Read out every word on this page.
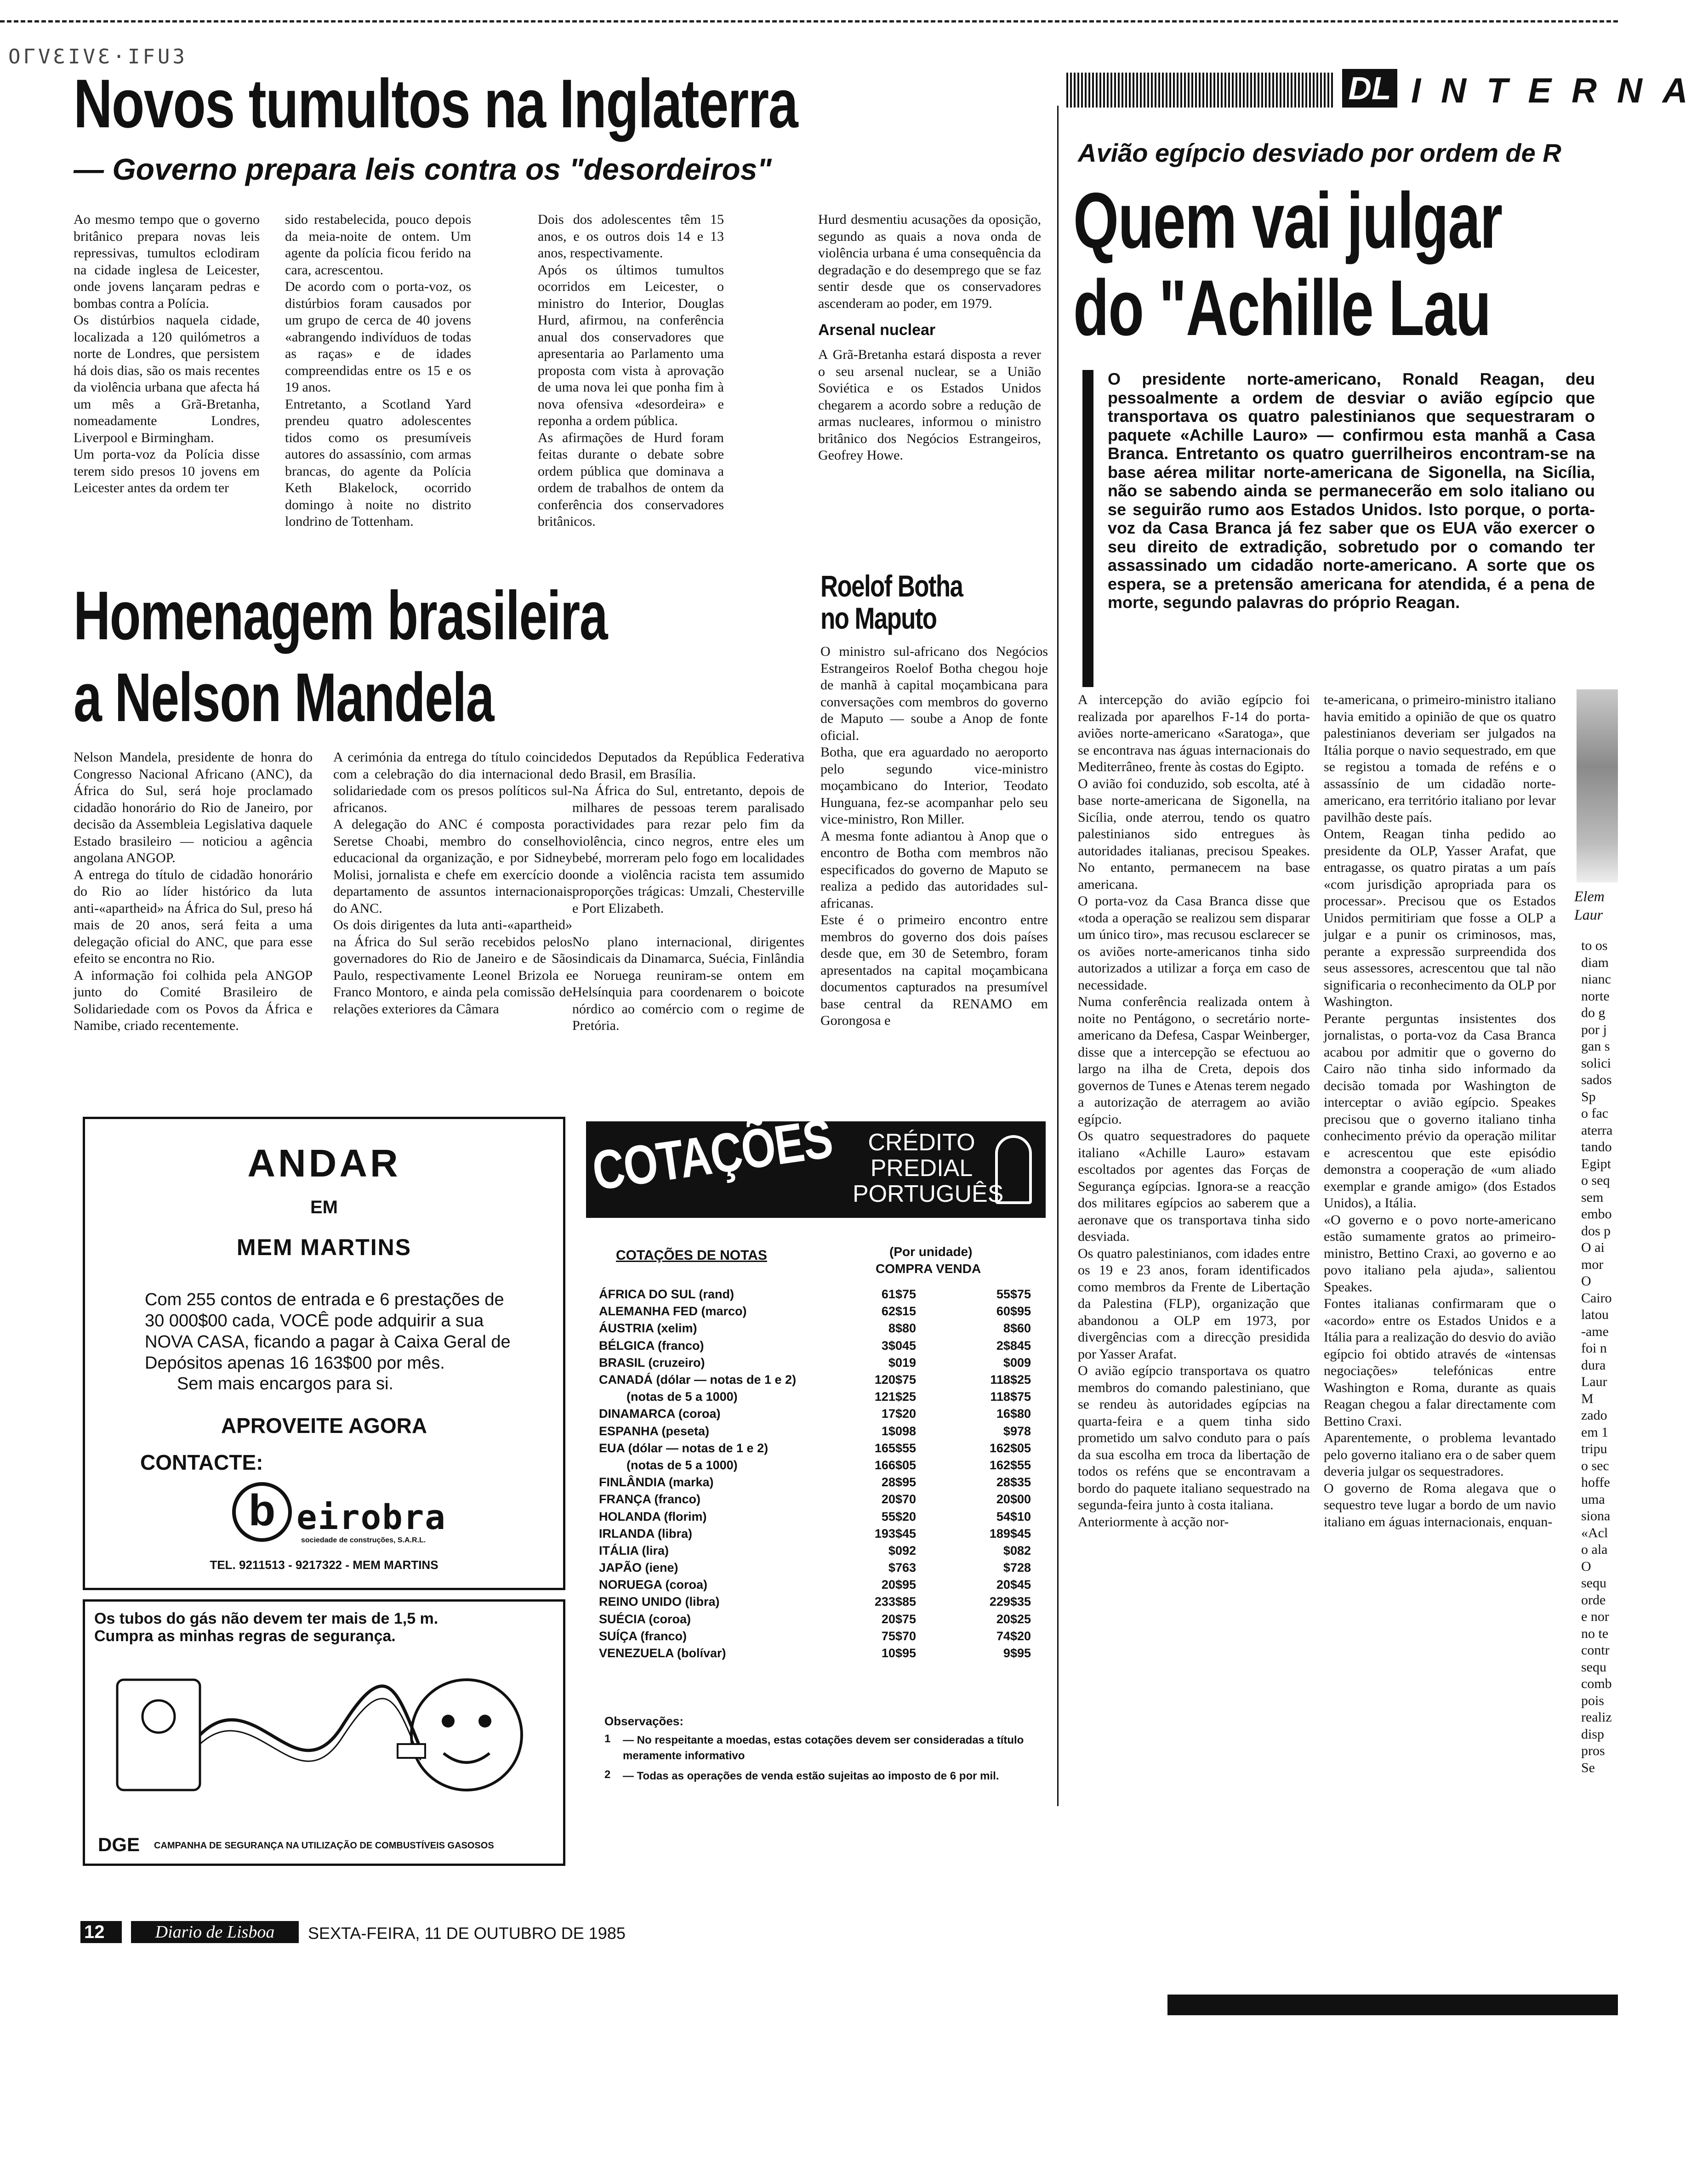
ОГVƐIVƐ·ІFU3
Novos tumultos na Inglaterra
— Governo prepara leis contra os "desordeiros"
Ao mesmo tempo que o governo britânico prepara novas leis repressivas, tumultos eclodiram na cidade inglesa de Leicester, onde jovens lançaram pedras e bombas contra a Polícia.
Os distúrbios naquela cidade, localizada a 120 quilómetros a norte de Londres, que persistem há dois dias, são os mais recentes da violência urbana que afecta há um mês a Grã-Bretanha, nomeadamente Londres, Liverpool e Birmingham.
Um porta-voz da Polícia disse terem sido presos 10 jovens em Leicester antes da ordem ter
sido restabelecida, pouco depois da meia-noite de ontem. Um agente da polícia ficou ferido na cara, acrescentou.
De acordo com o porta-voz, os distúrbios foram causados por um grupo de cerca de 40 jovens «abrangendo indivíduos de todas as raças» e de idades compreendidas entre os 15 e os 19 anos.
Entretanto, a Scotland Yard prendeu quatro adolescentes tidos como os presumíveis autores do assassínio, com armas brancas, do agente da Polícia Keth Blakelock, ocorrido domingo à noite no distrito londrino de Tottenham.
Dois dos adolescentes têm 15 anos, e os outros dois 14 e 13 anos, respectivamente.
Após os últimos tumultos ocorridos em Leicester, o ministro do Interior, Douglas Hurd, afirmou, na conferência anual dos conservadores que apresentaria ao Parlamento uma proposta com vista à aprovação de uma nova lei que ponha fim à nova ofensiva «desordeira» e reponha a ordem pública.
As afirmações de Hurd foram feitas durante o debate sobre ordem pública que dominava a ordem de trabalhos de ontem da conferência dos conservadores britânicos.
Hurd desmentiu acusações da oposição, segundo as quais a nova onda de violência urbana é uma consequência da degradação e do desemprego que se faz sentir desde que os conservadores ascenderam ao poder, em 1979.
Arsenal nuclear
A Grã-Bretanha estará disposta a rever o seu arsenal nuclear, se a União Soviética e os Estados Unidos chegarem a acordo sobre a redução de armas nucleares, informou o ministro britânico dos Negócios Estrangeiros, Geofrey Howe.
Homenagem brasileira
a Nelson Mandela
Nelson Mandela, presidente de honra do Congresso Nacional Africano (ANC), da África do Sul, será hoje proclamado cidadão honorário do Rio de Janeiro, por decisão da Assembleia Legislativa daquele Estado brasileiro — noticiou a agência angolana ANGOP.
A entrega do título de cidadão honorário do Rio ao líder histórico da luta anti-«apartheid» na África do Sul, preso há mais de 20 anos, será feita a uma delegação oficial do ANC, que para esse efeito se encontra no Rio.
A informação foi colhida pela ANGOP junto do Comité Brasileiro de Solidariedade com os Povos da África e Namibe, criado recentemente.
A cerimónia da entrega do título coincide com a celebração do dia internacional de solidariedade com os presos políticos sul-africanos.
A delegação do ANC é composta por Seretse Choabi, membro do conselho educacional da organização, e por Sidney Molisi, jornalista e chefe em exercício do departamento de assuntos internacionais do ANC.
Os dois dirigentes da luta anti-«apartheid» na África do Sul serão recebidos pelos governadores do Rio de Janeiro e de São Paulo, respectivamente Leonel Brizola e Franco Montoro, e ainda pela comissão de relações exteriores da Câmara
dos Deputados da República Federativa do Brasil, em Brasília.
Na África do Sul, entretanto, depois de milhares de pessoas terem paralisado actividades para rezar pelo fim da violência, cinco negros, entre eles um bebé, morreram pelo fogo em localidades onde a violência racista tem assumido proporções trágicas: Umzali, Chesterville e Port Elizabeth.

No plano internacional, dirigentes sindicais da Dinamarca, Suécia, Finlândia e Noruega reuniram-se ontem em Helsínquia para coordenarem o boicote nórdico ao comércio com o regime de Pretória.
Roelof Botha
no Maputo
O ministro sul-africano dos Negócios Estrangeiros Roelof Botha chegou hoje de manhã à capital moçambicana para conversações com membros do governo de Maputo — soube a Anop de fonte oficial.
Botha, que era aguardado no aeroporto pelo segundo vice-ministro moçambicano do Interior, Teodato Hunguana, fez-se acompanhar pelo seu vice-ministro, Ron Miller.
A mesma fonte adiantou à Anop que o encontro de Botha com membros não especificados do governo de Maputo se realiza a pedido das autoridades sul-africanas.
Este é o primeiro encontro entre membros do governo dos dois países desde que, em 30 de Setembro, foram apresentados na capital moçambicana documentos capturados na presumível base central da RENAMO em Gorongosa e
DL INTERNA
Avião egípcio desviado por ordem de R
Quem vai julgar
do "Achille Lau
O presidente norte-americano, Ronald Reagan, deu pessoalmente a ordem de desviar o avião egípcio que transportava os quatro palestinianos que sequestraram o paquete «Achille Lauro» — confirmou esta manhã a Casa Branca. Entretanto os quatro guerrilheiros encontram-se na base aérea militar norte-americana de Sigonella, na Sicília, não se sabendo ainda se permanecerão em solo italiano ou se seguirão rumo aos Estados Unidos. Isto porque, o porta-voz da Casa Branca já fez saber que os EUA vão exercer o seu direito de extradição, sobretudo por o comando ter assassinado um cidadão norte-americano. A sorte que os espera, se a pretensão americana for atendida, é a pena de morte, segundo palavras do próprio Reagan.
A intercepção do avião egípcio foi realizada por aparelhos F-14 do porta-aviões norte-americano «Saratoga», que se encontrava nas águas internacionais do Mediterrâneo, frente às costas do Egipto.
O avião foi conduzido, sob escolta, até à base norte-americana de Sigonella, na Sicília, onde aterrou, tendo os quatro palestinianos sido entregues às autoridades italianas, precisou Speakes. No entanto, permanecem na base americana.
O porta-voz da Casa Branca disse que «toda a operação se realizou sem disparar um único tiro», mas recusou esclarecer se os aviões norte-americanos tinha sido autorizados a utilizar a força em caso de necessidade.
Numa conferência realizada ontem à noite no Pentágono, o secretário norte-americano da Defesa, Caspar Weinberger, disse que a intercepção se efectuou ao largo na ilha de Creta, depois dos governos de Tunes e Atenas terem negado a autorização de aterragem ao avião egípcio.
Os quatro sequestradores do paquete italiano «Achille Lauro» estavam escoltados por agentes das Forças de Segurança egípcias. Ignora-se a reacção dos militares egípcios ao saberem que a aeronave que os transportava tinha sido desviada.
Os quatro palestinianos, com idades entre os 19 e 23 anos, foram identificados como membros da Frente de Libertação da Palestina (FLP), organização que abandonou a OLP em 1973, por divergências com a direcção presidida por Yasser Arafat.
O avião egípcio transportava os quatro membros do comando palestiniano, que se rendeu às autoridades egípcias na quarta-feira e a quem tinha sido prometido um salvo conduto para o país da sua escolha em troca da libertação de todos os reféns que se encontravam a bordo do paquete italiano sequestrado na segunda-feira junto à costa italiana.
Anteriormente à acção nor-
te-americana, o primeiro-ministro italiano havia emitido a opinião de que os quatro palestinianos deveriam ser julgados na Itália porque o navio sequestrado, em que se registou a tomada de reféns e o assassínio de um cidadão norte-americano, era território italiano por levar pavilhão deste país.
Ontem, Reagan tinha pedido ao presidente da OLP, Yasser Arafat, que entragasse, os quatro piratas a um país «com jurisdição apropriada para os processar». Precisou que os Estados Unidos permitiriam que fosse a OLP a julgar e a punir os criminosos, mas, perante a expressão surpreendida dos seus assessores, acrescentou que tal não significaria o reconhecimento da OLP por Washington.
Perante perguntas insistentes dos jornalistas, o porta-voz da Casa Branca acabou por admitir que o governo do Cairo não tinha sido informado da decisão tomada por Washington de interceptar o avião egípcio. Speakes precisou que o governo italiano tinha conhecimento prévio da operação militar e acrescentou que este episódio demonstra a cooperação de «um aliado exemplar e grande amigo» (dos Estados Unidos), a Itália.
«O governo e o povo norte-americano estão sumamente gratos ao primeiro-ministro, Bettino Craxi, ao governo e ao povo italiano pela ajuda», salientou Speakes.
Fontes italianas confirmaram que o «acordo» entre os Estados Unidos e a Itália para a realização do desvio do avião egípcio foi obtido através de «intensas negociações» telefónicas entre Washington e Roma, durante as quais Reagan chegou a falar directamente com Bettino Craxi.
Aparentemente, o problema levantado pelo governo italiano era o de saber quem deveria julgar os sequestradores.
O governo de Roma alegava que o sequestro teve lugar a bordo de um navio italiano em águas internacionais, enquan-
Elem
Laur
to os
diam
nianc
norte
do g
por j
gan s
solici
sados
Sp
o fac
aterra
tando
Egipt
o seq
sem
embo
dos p
O ai
mor
O
Cairo
latou
-ame
foi n
dura
Laur
M
zado
em 1
tripu
o sec
hoffe
uma
siona
«Acl
o ala
O
sequ
orde
e nor
no te
contr
sequ
comb
pois
realiz
disp
pros
Se
ANDAR
EM
MEM MARTINS
Com 255 contos de entrada e 6 prestações de 30 000$00 cada, VOCÊ pode adquirir a sua NOVA CASA, ficando a pagar à Caixa Geral de Depósitos apenas 16 163$00 por mês.
Sem mais encargos para si.
APROVEITE AGORA
CONTACTE:
b eirobra
sociedade de construções, S.A.R.L.
TEL. 9211513 - 9217322 - MEM MARTINS
Os tubos do gás não devem ter mais de 1,5 m. Cumpra as minhas regras de segurança.
DGE CAMPANHA DE SEGURANÇA NA UTILIZAÇÃO DE COMBUSTÍVEIS GASOSOS
COTAÇÕES	CRÉDITO
PREDIAL
PORTUGUÊS
COTAÇÕES DE NOTAS	(Por unidade)
COMPRA VENDA
ÁFRICA DO SUL (rand)	61$75	55$75
ALEMANHA FED (marco)	62$15	60$95
ÁUSTRIA (xelim)	8$80	8$60
BÉLGICA (franco)	3$045	2$845
BRASIL (cruzeiro)	$019	$009
CANADÁ (dólar — notas de 1 e 2)	120$75	118$25
(notas de 5 a 1000)	121$25	118$75
DINAMARCA (coroa)	17$20	16$80
ESPANHA (peseta)	1$098	$978
EUA (dólar — notas de 1 e 2)	165$55	162$05
(notas de 5 a 1000)	166$05	162$55
FINLÂNDIA (marka)	28$95	28$35
FRANÇA (franco)	20$70	20$00
HOLANDA (florim)	55$20	54$10
IRLANDA (libra)	193$45	189$45
ITÁLIA (lira)	$092	$082
JAPÃO (iene)	$763	$728
NORUEGA (coroa)	20$95	20$45
REINO UNIDO (libra)	233$85	229$35
SUÉCIA (coroa)	20$75	20$25
SUÍÇA (franco)	75$70	74$20
VENEZUELA (bolívar)	10$95	9$95
Observações:
1 — No respeitante a moedas, estas cotações devem ser consideradas a título meramente informativo
2 — Todas as operações de venda estão sujeitas ao imposto de 6 por mil.
12	Diario de Lisboa	SEXTA-FEIRA, 11 DE OUTUBRO DE 1985
